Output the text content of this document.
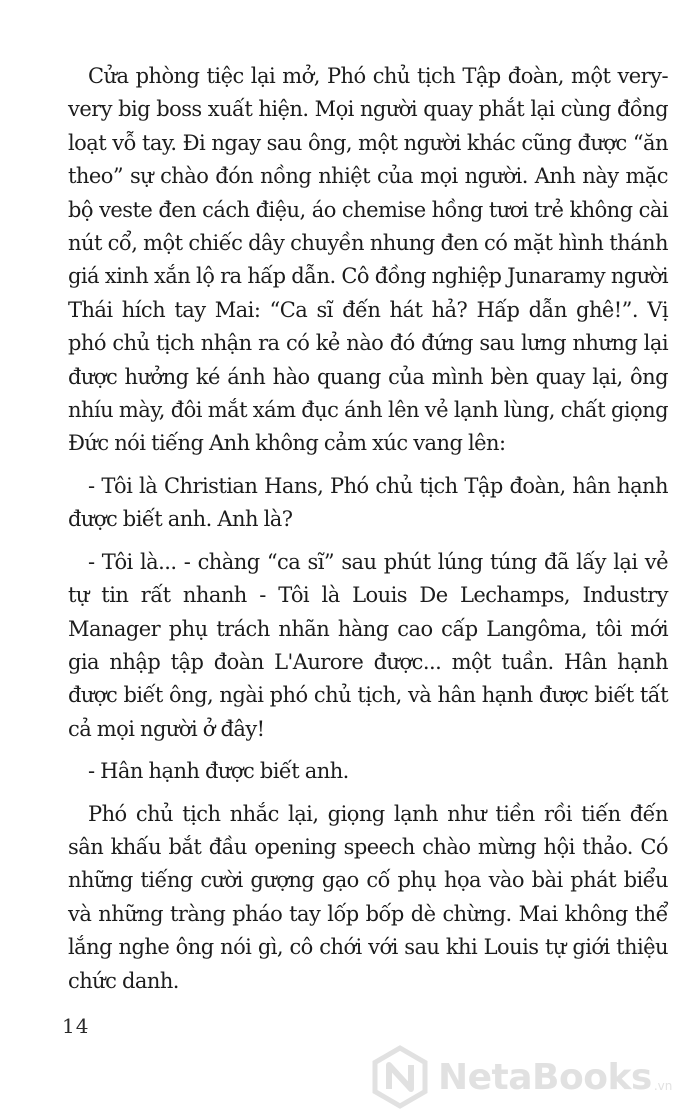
Cửa phòng tiệc lại mở, Phó chủ tịch Tập đoàn, một very-very big boss xuất hiện. Mọi người quay phắt lại cùng đồng loạt vỗ tay. Đi ngay sau ông, một người khác cũng được “ăn theo” sự chào đón nồng nhiệt của mọi người. Anh này mặc bộ veste đen cách điệu, áo chemise hồng tươi trẻ không cài nút cổ, một chiếc dây chuyền nhung đen có mặt hình thánh giá xinh xắn lộ ra hấp dẫn. Cô đồng nghiệp Junaramy người Thái hích tay Mai: “Ca sĩ đến hát hả? Hấp dẫn ghê!”. Vị phó chủ tịch nhận ra có kẻ nào đó đứng sau lưng nhưng lại được hưởng ké ánh hào quang của mình bèn quay lại, ông nhíu mày, đôi mắt xám đục ánh lên vẻ lạnh lùng, chất giọng Đức nói tiếng Anh không cảm xúc vang lên:

- Tôi là Christian Hans, Phó chủ tịch Tập đoàn, hân hạnh được biết anh. Anh là?

- Tôi là... - chàng “ca sĩ” sau phút lúng túng đã lấy lại vẻ tự tin rất nhanh - Tôi là Louis De Lechamps, Industry Manager phụ trách nhãn hàng cao cấp Langôma, tôi mới gia nhập tập đoàn L'Aurore được... một tuần. Hân hạnh được biết ông, ngài phó chủ tịch, và hân hạnh được biết tất cả mọi người ở đây!

- Hân hạnh được biết anh.

Phó chủ tịch nhắc lại, giọng lạnh như tiền rồi tiến đến sân khấu bắt đầu opening speech chào mừng hội thảo. Có những tiếng cười gượng gạo cố phụ họa vào bài phát biểu và những tràng pháo tay lốp bốp dè chừng. Mai không thể lắng nghe ông nói gì, cô chới với sau khi Louis tự giới thiệu chức danh.

14
NetaBooks .vn
